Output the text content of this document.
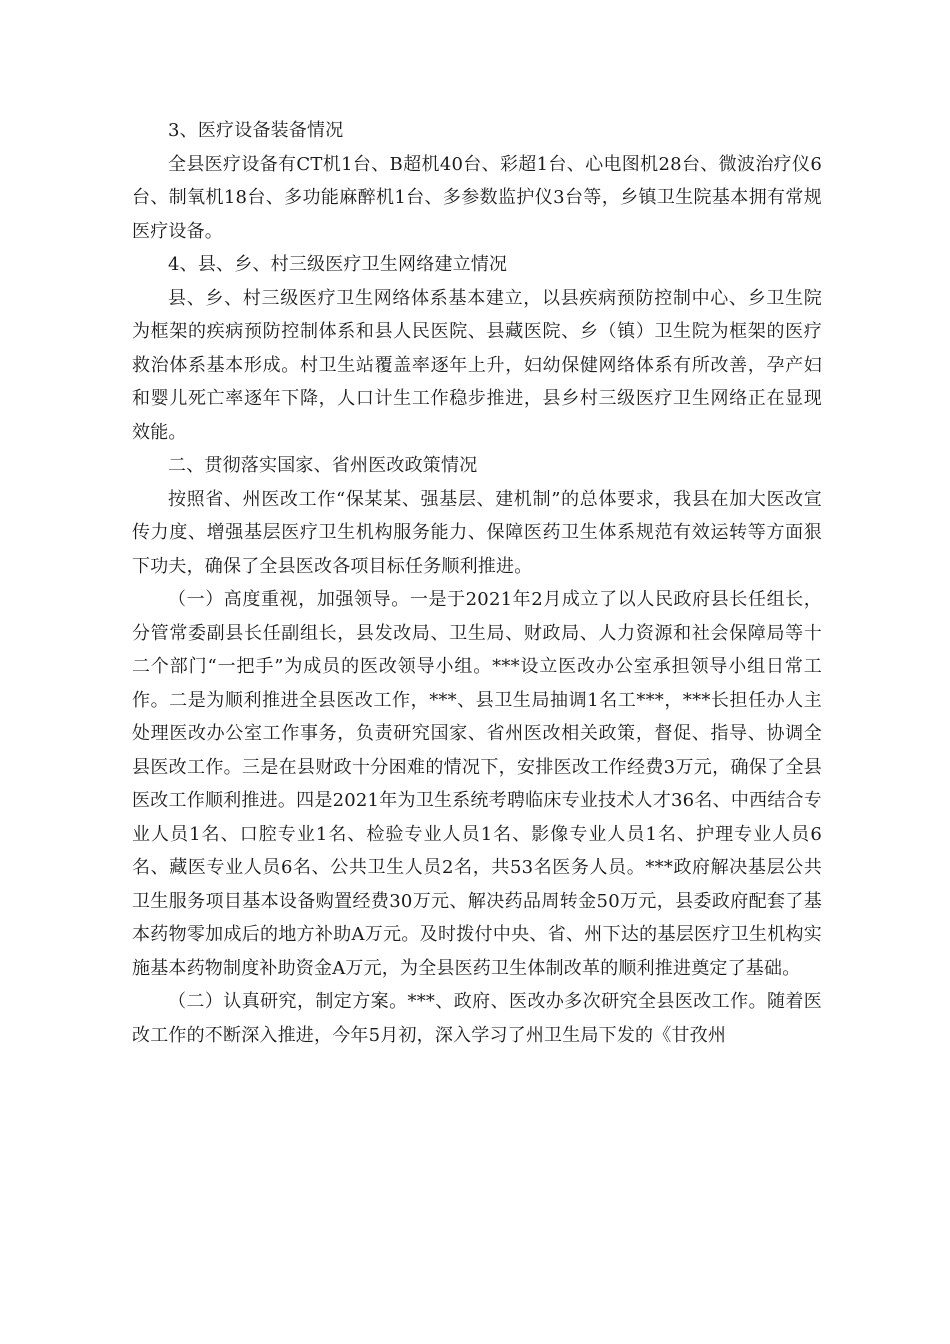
3、医疗设备装备情况

全县医疗设备有CT机1台、B超机40台、彩超1台、心电图机28台、微波治疗仪6台、制氧机18台、多功能麻醉机1台、多参数监护仪3台等，乡镇卫生院基本拥有常规医疗设备。

4、县、乡、村三级医疗卫生网络建立情况

县、乡、村三级医疗卫生网络体系基本建立，以县疾病预防控制中心、乡卫生院为框架的疾病预防控制体系和县人民医院、县藏医院、乡（镇）卫生院为框架的医疗救治体系基本形成。村卫生站覆盖率逐年上升，妇幼保健网络体系有所改善，孕产妇和婴儿死亡率逐年下降，人口计生工作稳步推进，县乡村三级医疗卫生网络正在显现效能。

二、贯彻落实国家、省州医改政策情况

按照省、州医改工作“保某某、强基层、建机制”的总体要求，我县在加大医改宣传力度、增强基层医疗卫生机构服务能力、保障医药卫生体系规范有效运转等方面狠下功夫，确保了全县医改各项目标任务顺利推进。

（一）高度重视，加强领导。一是于2021年2月成立了以人民政府县长任组长，分管常委副县长任副组长，县发改局、卫生局、财政局、人力资源和社会保障局等十二个部门“一把手”为成员的医改领导小组。***设立医改办公室承担领导小组日常工作。二是为顺利推进全县医改工作，***、县卫生局抽调1名工***，***长担任办人主处理医改办公室工作事务，负责研究国家、省州医改相关政策，督促、指导、协调全县医改工作。三是在县财政十分困难的情况下，安排医改工作经费3万元，确保了全县医改工作顺利推进。四是2021年为卫生系统考聘临床专业技术人才36名、中西结合专业人员1名、口腔专业1名、检验专业人员1名、影像专业人员1名、护理专业人员6名、藏医专业人员6名、公共卫生人员2名，共53名医务人员。***政府解决基层公共卫生服务项目基本设备购置经费30万元、解决药品周转金50万元，县委政府配套了基本药物零加成后的地方补助A万元。及时拨付中央、省、州下达的基层医疗卫生机构实施基本药物制度补助资金A万元，为全县医药卫生体制改革的顺利推进奠定了基础。

（二）认真研究，制定方案。***、政府、医改办多次研究全县医改工作。随着医改工作的不断深入推进，今年5月初，深入学习了州卫生局下发的《甘孜州
